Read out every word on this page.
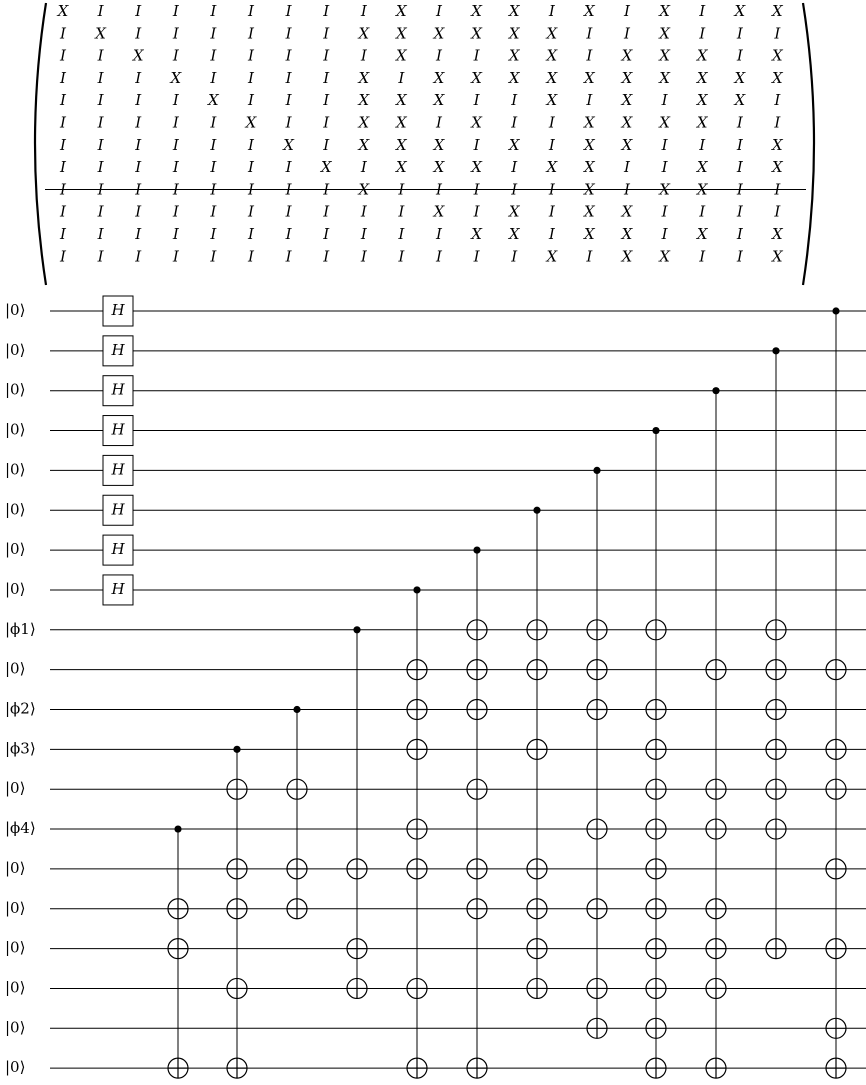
X I I I I I I I I X I X X I X I X I X X
I X I I I I I I X X X X X X I I X I I I
I I X I I I I I I X I I X X I X X X I X
I I I X I I I I X I X X X X X X X X X X
I I I I X I I I X X X I I X I X I X X I
I I I I I X I I X X I X I I X X X X I I
I I I I I I X I X X X I X I X X I I I X
I I I I I I I X I X X X I X X I I X I X
I I I I I I I I X I I I I I X I X X I I
I I I I I I I I I I X I X I X X I I I I
I I I I I I I I I I I X X I X X I X I X
I I I I I I I I I I I I I X I X X I I X
|0⟩
|0⟩
|0⟩
|0⟩
|0⟩
|0⟩
|0⟩
|0⟩
|ϕ1⟩
|0⟩
|ϕ2⟩
|ϕ3⟩
|0⟩
|ϕ4⟩
|0⟩
|0⟩
|0⟩
|0⟩
|0⟩
|0⟩
H
H
H
H
H
H
H
H
